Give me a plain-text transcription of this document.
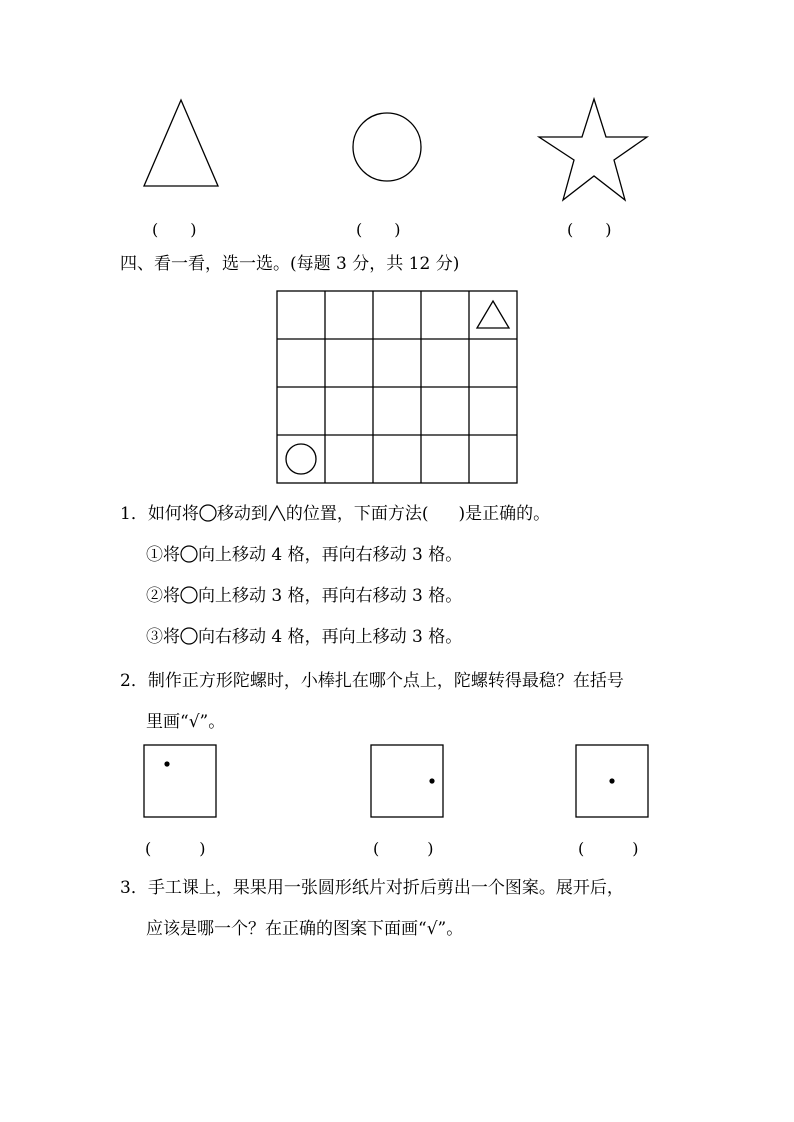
(　　)	(　　)	(　　)
四、看一看，选一选。(每题 3 分，共 12 分)
1．如何将 移动到 的位置，下面方法( )是正确的。
①将 向上移动 4 格，再向右移动 3 格。
②将 向上移动 3 格，再向右移动 3 格。
③将 向右移动 4 格，再向上移动 3 格。
2．制作正方形陀螺时，小棒扎在哪个点上，陀螺转得最稳？在括号
里画“√”。
(　　　)	(　　　)	(　　　)
3．手工课上，果果用一张圆形纸片对折后剪出一个图案。展开后，
应该是哪一个？在正确的图案下面画“√”。
